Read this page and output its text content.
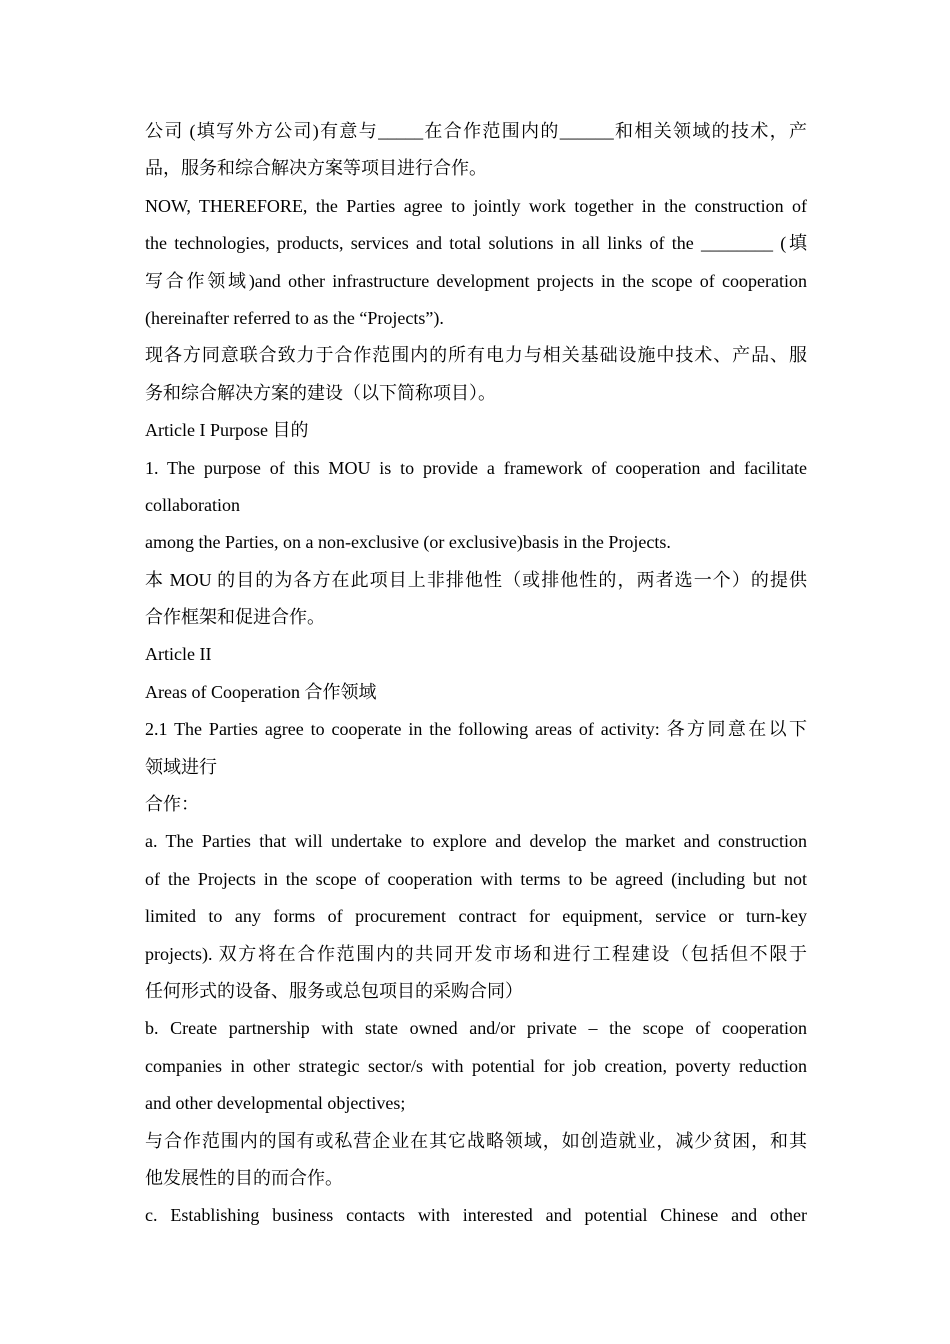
公司 (填写外方公司)有意与_____在合作范围内的______和相关领域的技术，产
品，服务和综合解决方案等项目进行合作。
NOW, THEREFORE, the Parties agree to jointly work together in the construction of
the technologies, products, services and total solutions in all links of the ________ (填
写合作领域)and other infrastructure development projects in the scope of cooperation
(hereinafter referred to as the “Projects”).
现各方同意联合致力于合作范围内的所有电力与相关基础设施中技术、产品、服
务和综合解决方案的建设（以下简称项目）。
Article I Purpose 目的
1. The purpose of this MOU is to provide a framework of cooperation and facilitate
collaboration
among the Parties, on a non-exclusive (or exclusive)basis in the Projects.
本 MOU 的目的为各方在此项目上非排他性（或排他性的，两者选一个）的提供
合作框架和促进合作。
Article II
Areas of Cooperation 合作领域
2.1 The Parties agree to cooperate in the following areas of activity: 各方同意在以下
领域进行
合作：
a. The Parties that will undertake to explore and develop the market and construction
of the Projects in the scope of cooperation with terms to be agreed (including but not
limited to any forms of procurement contract for equipment, service or turn-key
projects). 双方将在合作范围内的共同开发市场和进行工程建设（包括但不限于
任何形式的设备、服务或总包项目的采购合同）
b. Create partnership with state owned and/or private – the scope of cooperation
companies in other strategic sector/s with potential for job creation, poverty reduction
and other developmental objectives;
与合作范围内的国有或私营企业在其它战略领域，如创造就业，减少贫困，和其
他发展性的目的而合作。
c. Establishing business contacts with interested and potential Chinese and other
